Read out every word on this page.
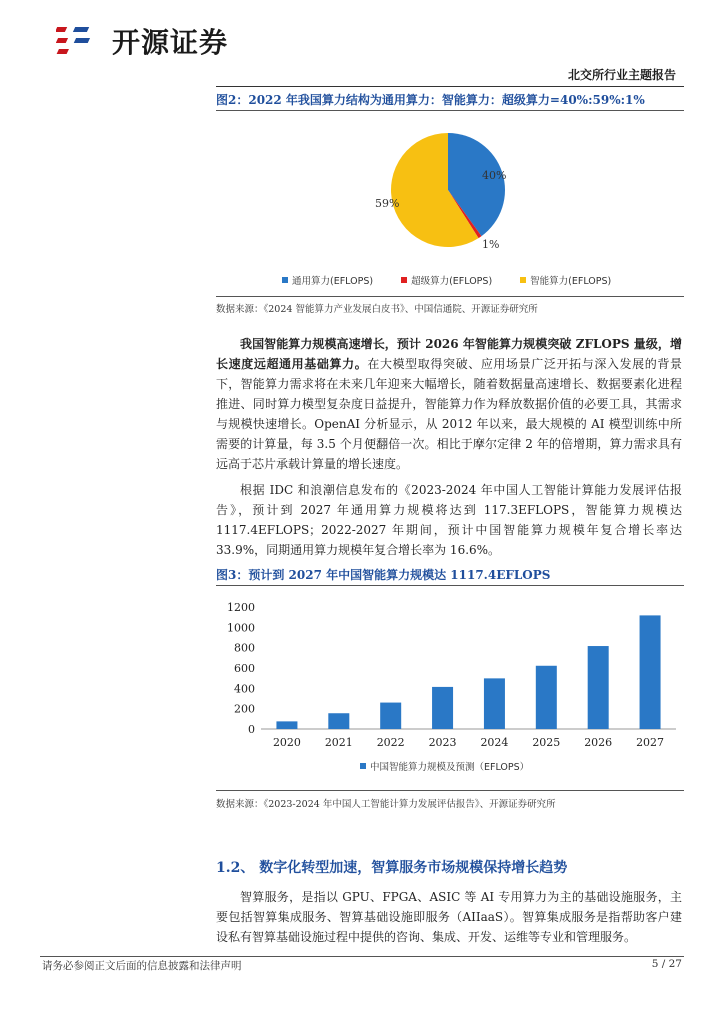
开源证券
北交所行业主题报告
图2：2022 年我国算力结构为通用算力：智能算力：超级算力=40%:59%:1%
40%
1%
59%
通用算力(EFLOPS)	超级算力(EFLOPS)	智能算力(EFLOPS)
数据来源：《2024 智能算力产业发展白皮书》、中国信通院、开源证券研究所
我国智能算力规模高速增长，预计 2026 年智能算力规模突破 ZFLOPS 量级，增长速度远超通用基础算力。在大模型取得突破、应用场景广泛开拓与深入发展的背景下，智能算力需求将在未来几年迎来大幅增长，随着数据量高速增长、数据要素化进程推进、同时算力模型复杂度日益提升，智能算力作为释放数据价值的必要工具，其需求与规模快速增长。OpenAI 分析显示，从 2012 年以来，最大规模的 AI 模型训练中所需要的计算量，每 3.5 个月便翻倍一次。相比于摩尔定律 2 年的倍增期，算力需求具有远高于芯片承载计算量的增长速度。
根据 IDC 和浪潮信息发布的《2023-2024 年中国人工智能计算能力发展评估报告》，预计到 2027 年通用算力规模将达到 117.3EFLOPS，智能算力规模达 1117.4EFLOPS；2022-2027 年期间，预计中国智能算力规模年复合增长率达 33.9%，同期通用算力规模年复合增长率为 16.6%。
图3：预计到 2027 年中国智能算力规模达 1117.4EFLOPS
0
200
400
600
800
1000
1200
2020 2021 2022 2023 2024 2025 2026 2027
中国智能算力规模及预测（EFLOPS）
数据来源：《2023-2024 年中国人工智能计算力发展评估报告》、开源证券研究所
1.2、 数字化转型加速，智算服务市场规模保持增长趋势
智算服务，是指以 GPU、FPGA、ASIC 等 AI 专用算力为主的基础设施服务，主要包括智算集成服务、智算基础设施即服务（AIIaaS）。智算集成服务是指帮助客户建设私有智算基础设施过程中提供的咨询、集成、开发、运维等专业和管理服务。
请务必参阅正文后面的信息披露和法律声明	5 / 27
